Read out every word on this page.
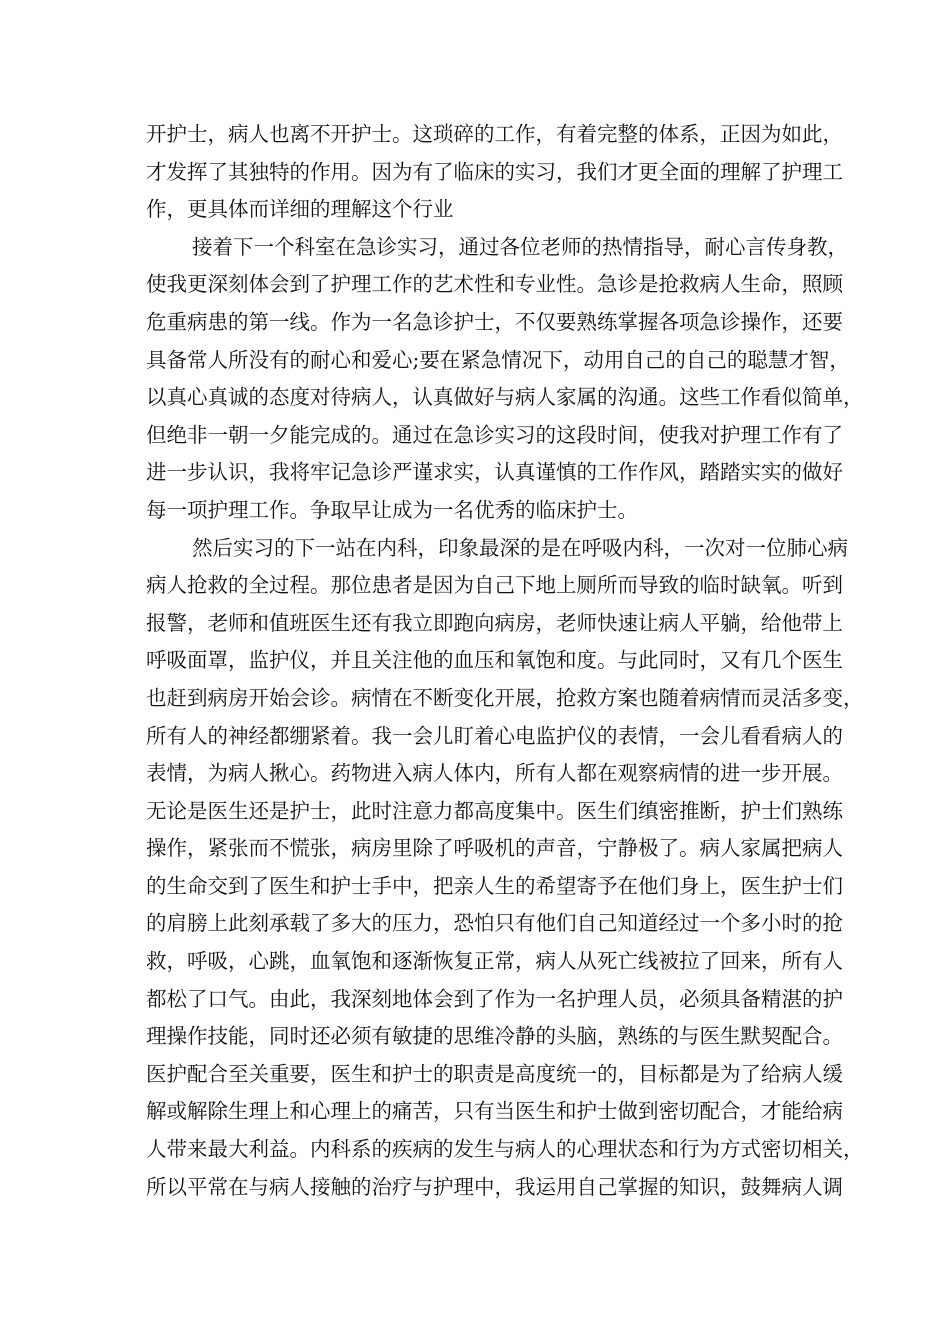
开护士，病人也离不开护士。这琐碎的工作，有着完整的体系，正因为如此，
才发挥了其独特的作用。因为有了临床的实习，我们才更全面的理解了护理工
作，更具体而详细的理解这个行业
接着下一个科室在急诊实习，通过各位老师的热情指导，耐心言传身教，
使我更深刻体会到了护理工作的艺术性和专业性。急诊是抢救病人生命，照顾
危重病患的第一线。作为一名急诊护士，不仅要熟练掌握各项急诊操作，还要
具备常人所没有的耐心和爱心;要在紧急情况下，动用自己的自己的聪慧才智，
以真心真诚的态度对待病人，认真做好与病人家属的沟通。这些工作看似简单，
但绝非一朝一夕能完成的。通过在急诊实习的这段时间，使我对护理工作有了
进一步认识，我将牢记急诊严谨求实，认真谨慎的工作作风，踏踏实实的做好
每一项护理工作。争取早让成为一名优秀的临床护士。
然后实习的下一站在内科，印象最深的是在呼吸内科，一次对一位肺心病
病人抢救的全过程。那位患者是因为自己下地上厕所而导致的临时缺氧。听到
报警，老师和值班医生还有我立即跑向病房，老师快速让病人平躺，给他带上
呼吸面罩，监护仪，并且关注他的血压和氧饱和度。与此同时，又有几个医生
也赶到病房开始会诊。病情在不断变化开展，抢救方案也随着病情而灵活多变，
所有人的神经都绷紧着。我一会儿盯着心电监护仪的表情，一会儿看看病人的
表情，为病人揪心。药物进入病人体内，所有人都在观察病情的进一步开展。
无论是医生还是护士，此时注意力都高度集中。医生们缜密推断，护士们熟练
操作，紧张而不慌张，病房里除了呼吸机的声音，宁静极了。病人家属把病人
的生命交到了医生和护士手中，把亲人生的希望寄予在他们身上，医生护士们
的肩膀上此刻承载了多大的压力，恐怕只有他们自己知道经过一个多小时的抢
救，呼吸，心跳，血氧饱和逐渐恢复正常，病人从死亡线被拉了回来，所有人
都松了口气。由此，我深刻地体会到了作为一名护理人员，必须具备精湛的护
理操作技能，同时还必须有敏捷的思维冷静的头脑，熟练的与医生默契配合。
医护配合至关重要，医生和护士的职责是高度统一的，目标都是为了给病人缓
解或解除生理上和心理上的痛苦，只有当医生和护士做到密切配合，才能给病
人带来最大利益。内科系的疾病的发生与病人的心理状态和行为方式密切相关，
所以平常在与病人接触的治疗与护理中，我运用自己掌握的知识，鼓舞病人调
